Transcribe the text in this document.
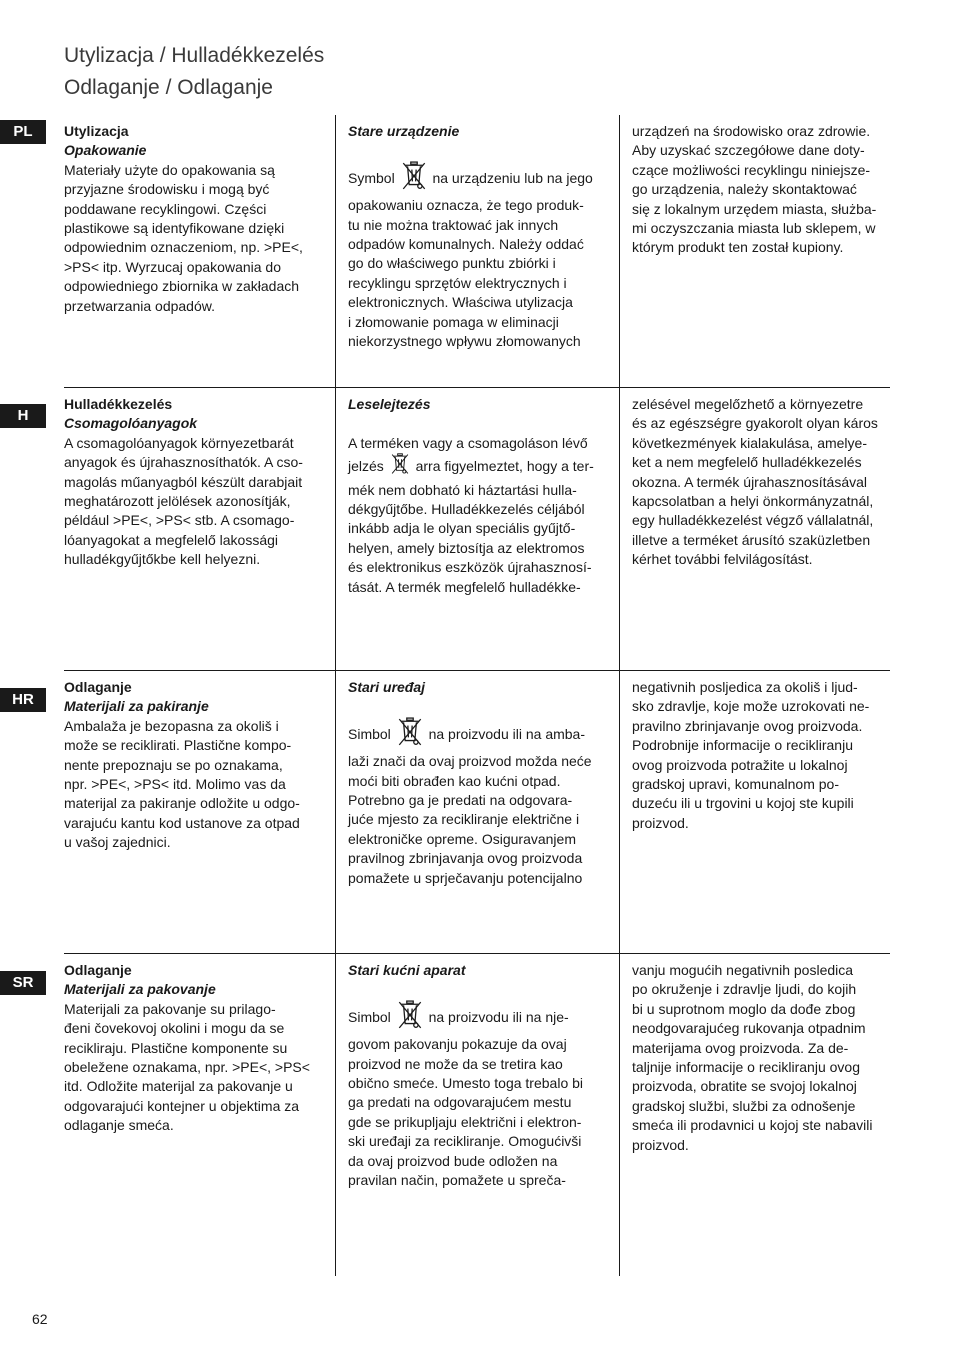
Utylizacja / Hulladékkezelés
Odlaganje / Odlaganje
PL	Utylizacja
Opakowanie
Materiały użyte do opakowania są
przyjazne środowisku i mogą być
poddawane recyklingowi. Części
plastikowe są identyfikowane dzięki
odpowiednim oznaczeniom, np. >PE<,
>PS< itp. Wyrzucaj opakowania do
odpowiedniego zbiornika w zakładach
przetwarzania odpadów.
Stare urządzenie
Symbol	na urządzeniu lub na jego
opakowaniu oznacza, że tego produk-
tu nie można traktować jak innych
odpadów komunalnych. Należy oddać
go do właściwego punktu zbiórki i
recyklingu sprzętów elektrycznych i
elektronicznych. Właściwa utylizacja
i złomowanie pomaga w eliminacji
niekorzystnego wpływu złomowanych
urządzeń na środowisko oraz zdrowie.
Aby uzyskać szczegółowe dane doty-
czące możliwości recyklingu niniejsze-
go urządzenia, należy skontaktować
się z lokalnym urzędem miasta, służba-
mi oczyszczania miasta lub sklepem, w
którym produkt ten został kupiony.
H
Hulladékkezelés
Csomagolóanyagok
A csomagolóanyagok környezetbarát
anyagok és újrahasznosíthatók. A cso-
magolás műanyagból készült darabjait
meghatározott jelölések azonosítják,
például >PE<, >PS< stb. A csomago-
lóanyagokat a megfelelő lakossági
hulladékgyűjtőkbe kell helyezni.
Leselejtezés
A terméken vagy a csomagoláson lévő
jelzés arra figyelmeztet, hogy a ter-
mék nem dobható ki háztartási hulla-
dékgyűjtőbe. Hulladékkezelés céljából
inkább adja le olyan speciális gyűjtő-
helyen, amely biztosítja az elektromos
és elektronikus eszközök újrahasznosí-
tását. A termék megfelelő hulladékke-
zelésével megelőzhető a környezetre
és az egészségre gyakorolt olyan káros
következmények kialakulása, amelye-
ket a nem megfelelő hulladékkezelés
okozna. A termék újrahasznosításával
kapcsolatban a helyi önkormányzatnál,
egy hulladékkezelést végző vállalatnál,
illetve a terméket árusító szaküzletben
kérhet további felvilágosítást.
HR
Odlaganje
Materijali za pakiranje
Ambalaža je bezopasna za okoliš i
može se reciklirati. Plastične kompo-
nente prepoznaju se po oznakama,
npr. >PE<, >PS< itd. Molimo vas da
materijal za pakiranje odložite u odgo-
varajuću kantu kod ustanove za otpad
u vašoj zajednici.
Stari uređaj
Simbol	na proizvodu ili na amba-
laži znači da ovaj proizvod možda neće
moći biti obrađen kao kućni otpad.
Potrebno ga je predati na odgovara-
juće mjesto za recikliranje električne i
elektroničke opreme. Osiguravanjem
pravilnog zbrinjavanja ovog proizvoda
pomažete u sprječavanju potencijalno
negativnih posljedica za okoliš i ljud-
sko zdravlje, koje može uzrokovati ne-
pravilno zbrinjavanje ovog proizvoda.
Podrobnije informacije o recikliranju
ovog proizvoda potražite u lokalnoj
gradskoj upravi, komunalnom po-
duzeću ili u trgovini u kojoj ste kupili
proizvod.
SR
Odlaganje
Materijali za pakovanje
Materijali za pakovanje su prilago-
đeni čovekovoj okolini i mogu da se
recikliraju. Plastične komponente su
obeležene oznakama, npr. >PE<, >PS<
itd. Odložite materijal za pakovanje u
odgovarajući kontejner u objektima za
odlaganje smeća.
Stari kućni aparat
Simbol	na proizvodu ili na nje-
govom pakovanju pokazuje da ovaj
proizvod ne može da se tretira kao
obično smeće. Umesto toga trebalo bi
ga predati na odgovarajućem mestu
gde se prikupljaju električni i elektron-
ski uređaji za recikliranje. Omogućivši
da ovaj proizvod bude odložen na
pravilan način, pomažete u spreča-
vanju mogućih negativnih posledica
po okruženje i zdravlje ljudi, do kojih
bi u suprotnom moglo da dođe zbog
neodgovarajućeg rukovanja otpadnim
materijama ovog proizvoda. Za de-
taljnije informacije o recikliranju ovog
proizvoda, obratite se svojoj lokalnoj
gradskoj službi, službi za odnošenje
smeća ili prodavnici u kojoj ste nabavili
proizvod.
62
